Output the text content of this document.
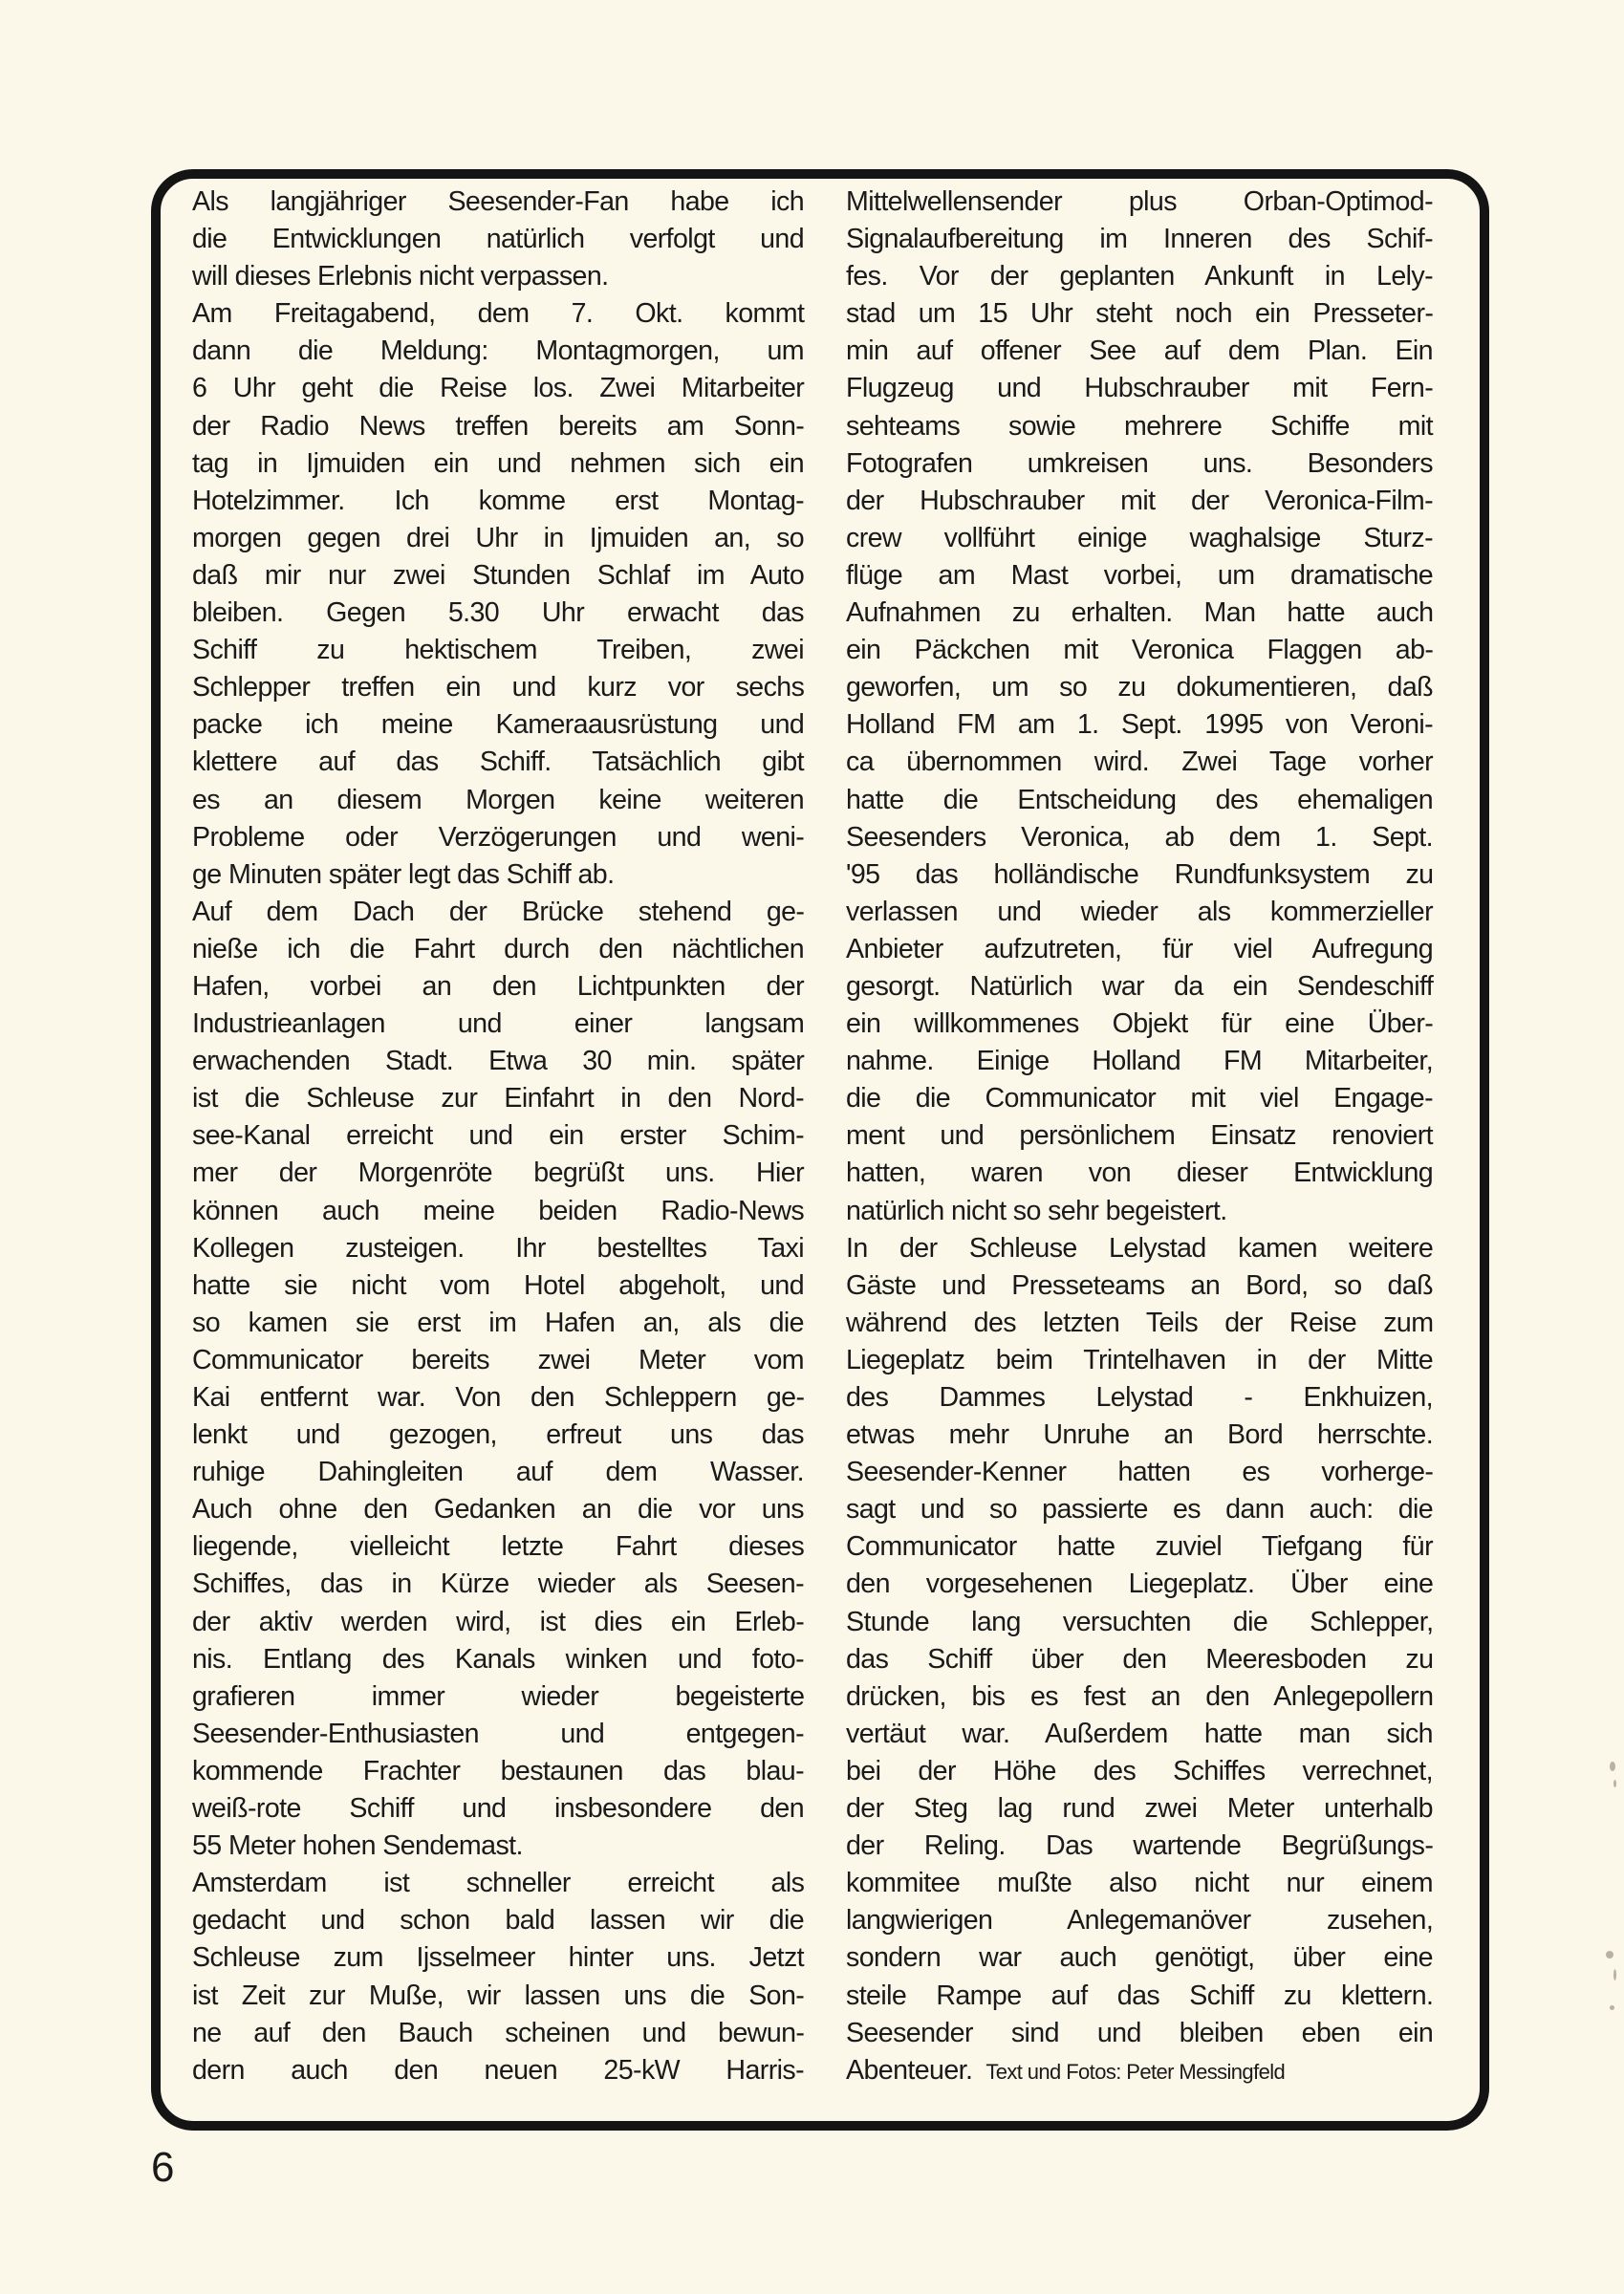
Als langjähriger Seesender-Fan habe ich
die Entwicklungen natürlich verfolgt und
will dieses Erlebnis nicht verpassen.
Am Freitagabend, dem 7. Okt. kommt
dann die Meldung: Montagmorgen, um
6 Uhr geht die Reise los. Zwei Mitarbeiter
der Radio News treffen bereits am Sonn-
tag in Ijmuiden ein und nehmen sich ein
Hotelzimmer. Ich komme erst Montag-
morgen gegen drei Uhr in Ijmuiden an, so
daß mir nur zwei Stunden Schlaf im Auto
bleiben. Gegen 5.30 Uhr erwacht das
Schiff zu hektischem Treiben, zwei
Schlepper treffen ein und kurz vor sechs
packe ich meine Kameraausrüstung und
klettere auf das Schiff. Tatsächlich gibt
es an diesem Morgen keine weiteren
Probleme oder Verzögerungen und weni-
ge Minuten später legt das Schiff ab.
Auf dem Dach der Brücke stehend ge-
nieße ich die Fahrt durch den nächtlichen
Hafen, vorbei an den Lichtpunkten der
Industrieanlagen und einer langsam
erwachenden Stadt. Etwa 30 min. später
ist die Schleuse zur Einfahrt in den Nord-
see-Kanal erreicht und ein erster Schim-
mer der Morgenröte begrüßt uns. Hier
können auch meine beiden Radio-News
Kollegen zusteigen. Ihr bestelltes Taxi
hatte sie nicht vom Hotel abgeholt, und
so kamen sie erst im Hafen an, als die
Communicator bereits zwei Meter vom
Kai entfernt war. Von den Schleppern ge-
lenkt und gezogen, erfreut uns das
ruhige Dahingleiten auf dem Wasser.
Auch ohne den Gedanken an die vor uns
liegende, vielleicht letzte Fahrt dieses
Schiffes, das in Kürze wieder als Seesen-
der aktiv werden wird, ist dies ein Erleb-
nis. Entlang des Kanals winken und foto-
grafieren immer wieder begeisterte
Seesender-Enthusiasten und entgegen-
kommende Frachter bestaunen das blau-
weiß-rote Schiff und insbesondere den
55 Meter hohen Sendemast.
Amsterdam ist schneller erreicht als
gedacht und schon bald lassen wir die
Schleuse zum Ijsselmeer hinter uns. Jetzt
ist Zeit zur Muße, wir lassen uns die Son-
ne auf den Bauch scheinen und bewun-
dern auch den neuen 25-kW Harris-
Mittelwellensender plus Orban-Optimod-
Signalaufbereitung im Inneren des Schif-
fes. Vor der geplanten Ankunft in Lely-
stad um 15 Uhr steht noch ein Presseter-
min auf offener See auf dem Plan. Ein
Flugzeug und Hubschrauber mit Fern-
sehteams sowie mehrere Schiffe mit
Fotografen umkreisen uns. Besonders
der Hubschrauber mit der Veronica-Film-
crew vollführt einige waghalsige Sturz-
flüge am Mast vorbei, um dramatische
Aufnahmen zu erhalten. Man hatte auch
ein Päckchen mit Veronica Flaggen ab-
geworfen, um so zu dokumentieren, daß
Holland FM am 1. Sept. 1995 von Veroni-
ca übernommen wird. Zwei Tage vorher
hatte die Entscheidung des ehemaligen
Seesenders Veronica, ab dem 1. Sept.
'95 das holländische Rundfunksystem zu
verlassen und wieder als kommerzieller
Anbieter aufzutreten, für viel Aufregung
gesorgt. Natürlich war da ein Sendeschiff
ein willkommenes Objekt für eine Über-
nahme. Einige Holland FM Mitarbeiter,
die die Communicator mit viel Engage-
ment und persönlichem Einsatz renoviert
hatten, waren von dieser Entwicklung
natürlich nicht so sehr begeistert.
In der Schleuse Lelystad kamen weitere
Gäste und Presseteams an Bord, so daß
während des letzten Teils der Reise zum
Liegeplatz beim Trintelhaven in der Mitte
des Dammes Lelystad - Enkhuizen,
etwas mehr Unruhe an Bord herrschte.
Seesender-Kenner hatten es vorherge-
sagt und so passierte es dann auch: die
Communicator hatte zuviel Tiefgang für
den vorgesehenen Liegeplatz. Über eine
Stunde lang versuchten die Schlepper,
das Schiff über den Meeresboden zu
drücken, bis es fest an den Anlegepollern
vertäut war. Außerdem hatte man sich
bei der Höhe des Schiffes verrechnet,
der Steg lag rund zwei Meter unterhalb
der Reling. Das wartende Begrüßungs-
kommitee mußte also nicht nur einem
langwierigen Anlegemanöver zusehen,
sondern war auch genötigt, über eine
steile Rampe auf das Schiff zu klettern.
Seesender sind und bleiben eben ein
Abenteuer. Text und Fotos: Peter Messingfeld
6
